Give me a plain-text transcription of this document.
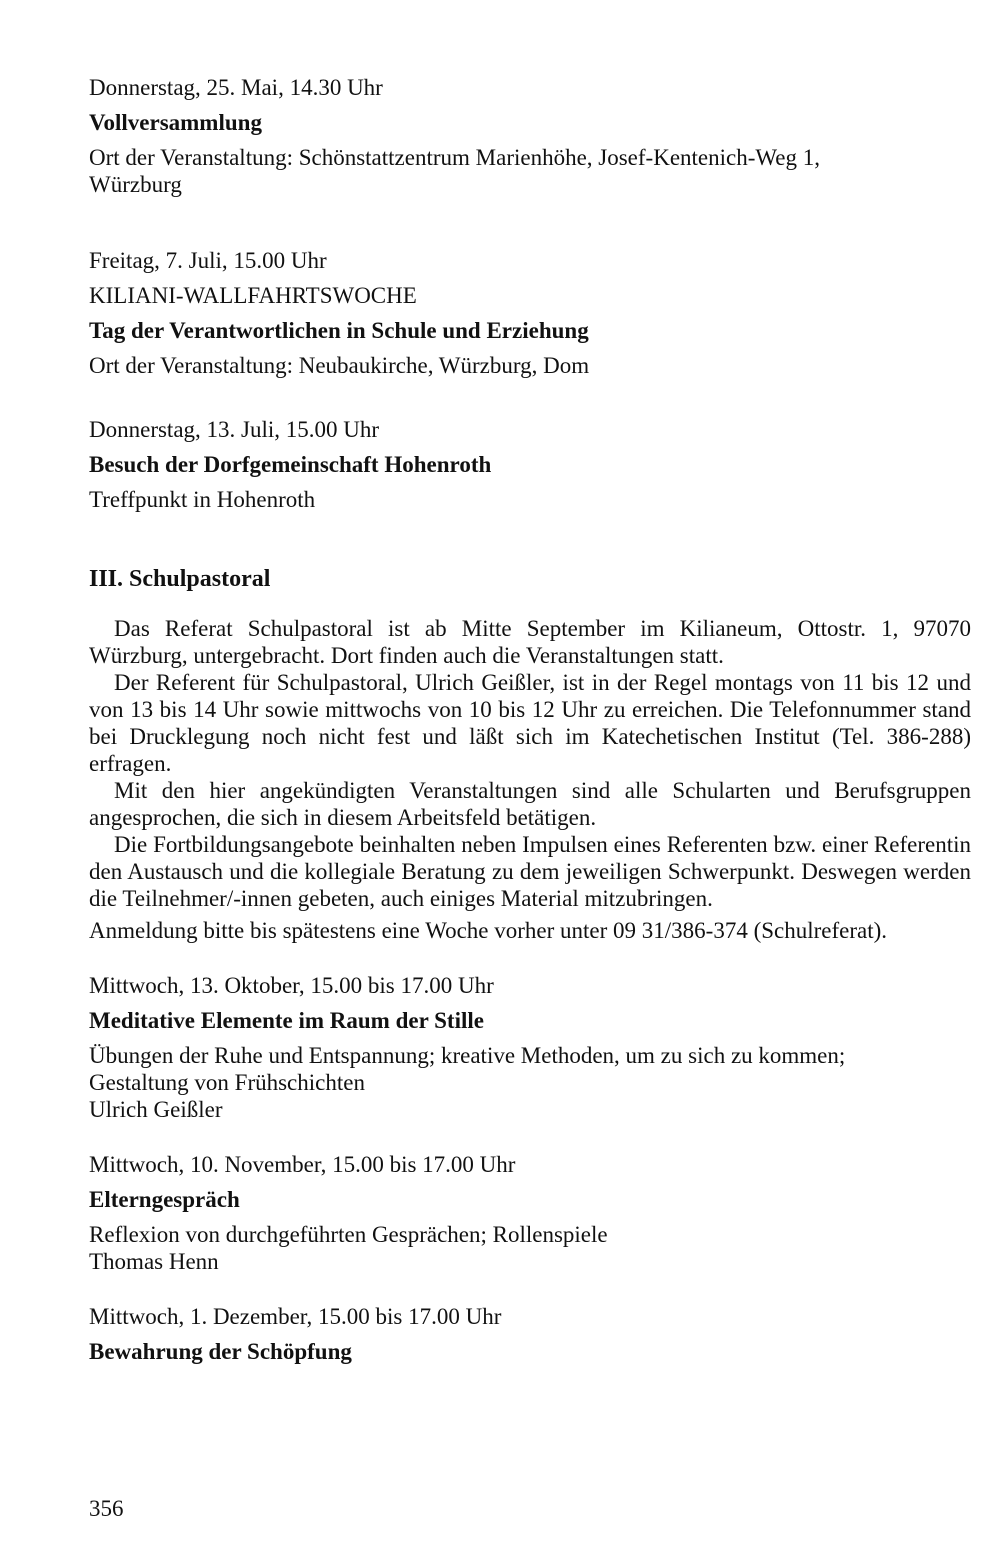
Donnerstag, 25. Mai, 14.30 Uhr
Vollversammlung
Ort der Veranstaltung: Schönstattzentrum Marienhöhe, Josef-Kentenich-Weg 1,
Würzburg
Freitag, 7. Juli, 15.00 Uhr
KILIANI-WALLFAHRTSWOCHE
Tag der Verantwortlichen in Schule und Erziehung
Ort der Veranstaltung: Neubaukirche, Würzburg, Dom
Donnerstag, 13. Juli, 15.00 Uhr
Besuch der Dorfgemeinschaft Hohenroth
Treffpunkt in Hohenroth
III. Schulpastoral
Das Referat Schulpastoral ist ab Mitte September im Kilianeum, Ottostr. 1, 97070 Würzburg, untergebracht. Dort finden auch die Veranstaltungen statt.
Der Referent für Schulpastoral, Ulrich Geißler, ist in der Regel montags von 11 bis 12 und von 13 bis 14 Uhr sowie mittwochs von 10 bis 12 Uhr zu erreichen. Die Telefonnummer stand bei Drucklegung noch nicht fest und läßt sich im Katechetischen Institut (Tel. 386-288) erfragen.
Mit den hier angekündigten Veranstaltungen sind alle Schularten und Berufsgruppen angesprochen, die sich in diesem Arbeitsfeld betätigen.
Die Fortbildungsangebote beinhalten neben Impulsen eines Referenten bzw. einer Referentin den Austausch und die kollegiale Beratung zu dem jeweiligen Schwerpunkt. Deswegen werden die Teilnehmer/-innen gebeten, auch einiges Material mitzubringen.
Anmeldung bitte bis spätestens eine Woche vorher unter 09 31/386-374 (Schulreferat).
Mittwoch, 13. Oktober, 15.00 bis 17.00 Uhr
Meditative Elemente im Raum der Stille
Übungen der Ruhe und Entspannung; kreative Methoden, um zu sich zu kommen;
Gestaltung von Frühschichten
Ulrich Geißler
Mittwoch, 10. November, 15.00 bis 17.00 Uhr
Elterngespräch
Reflexion von durchgeführten Gesprächen; Rollenspiele
Thomas Henn
Mittwoch, 1. Dezember, 15.00 bis 17.00 Uhr
Bewahrung der Schöpfung
356
